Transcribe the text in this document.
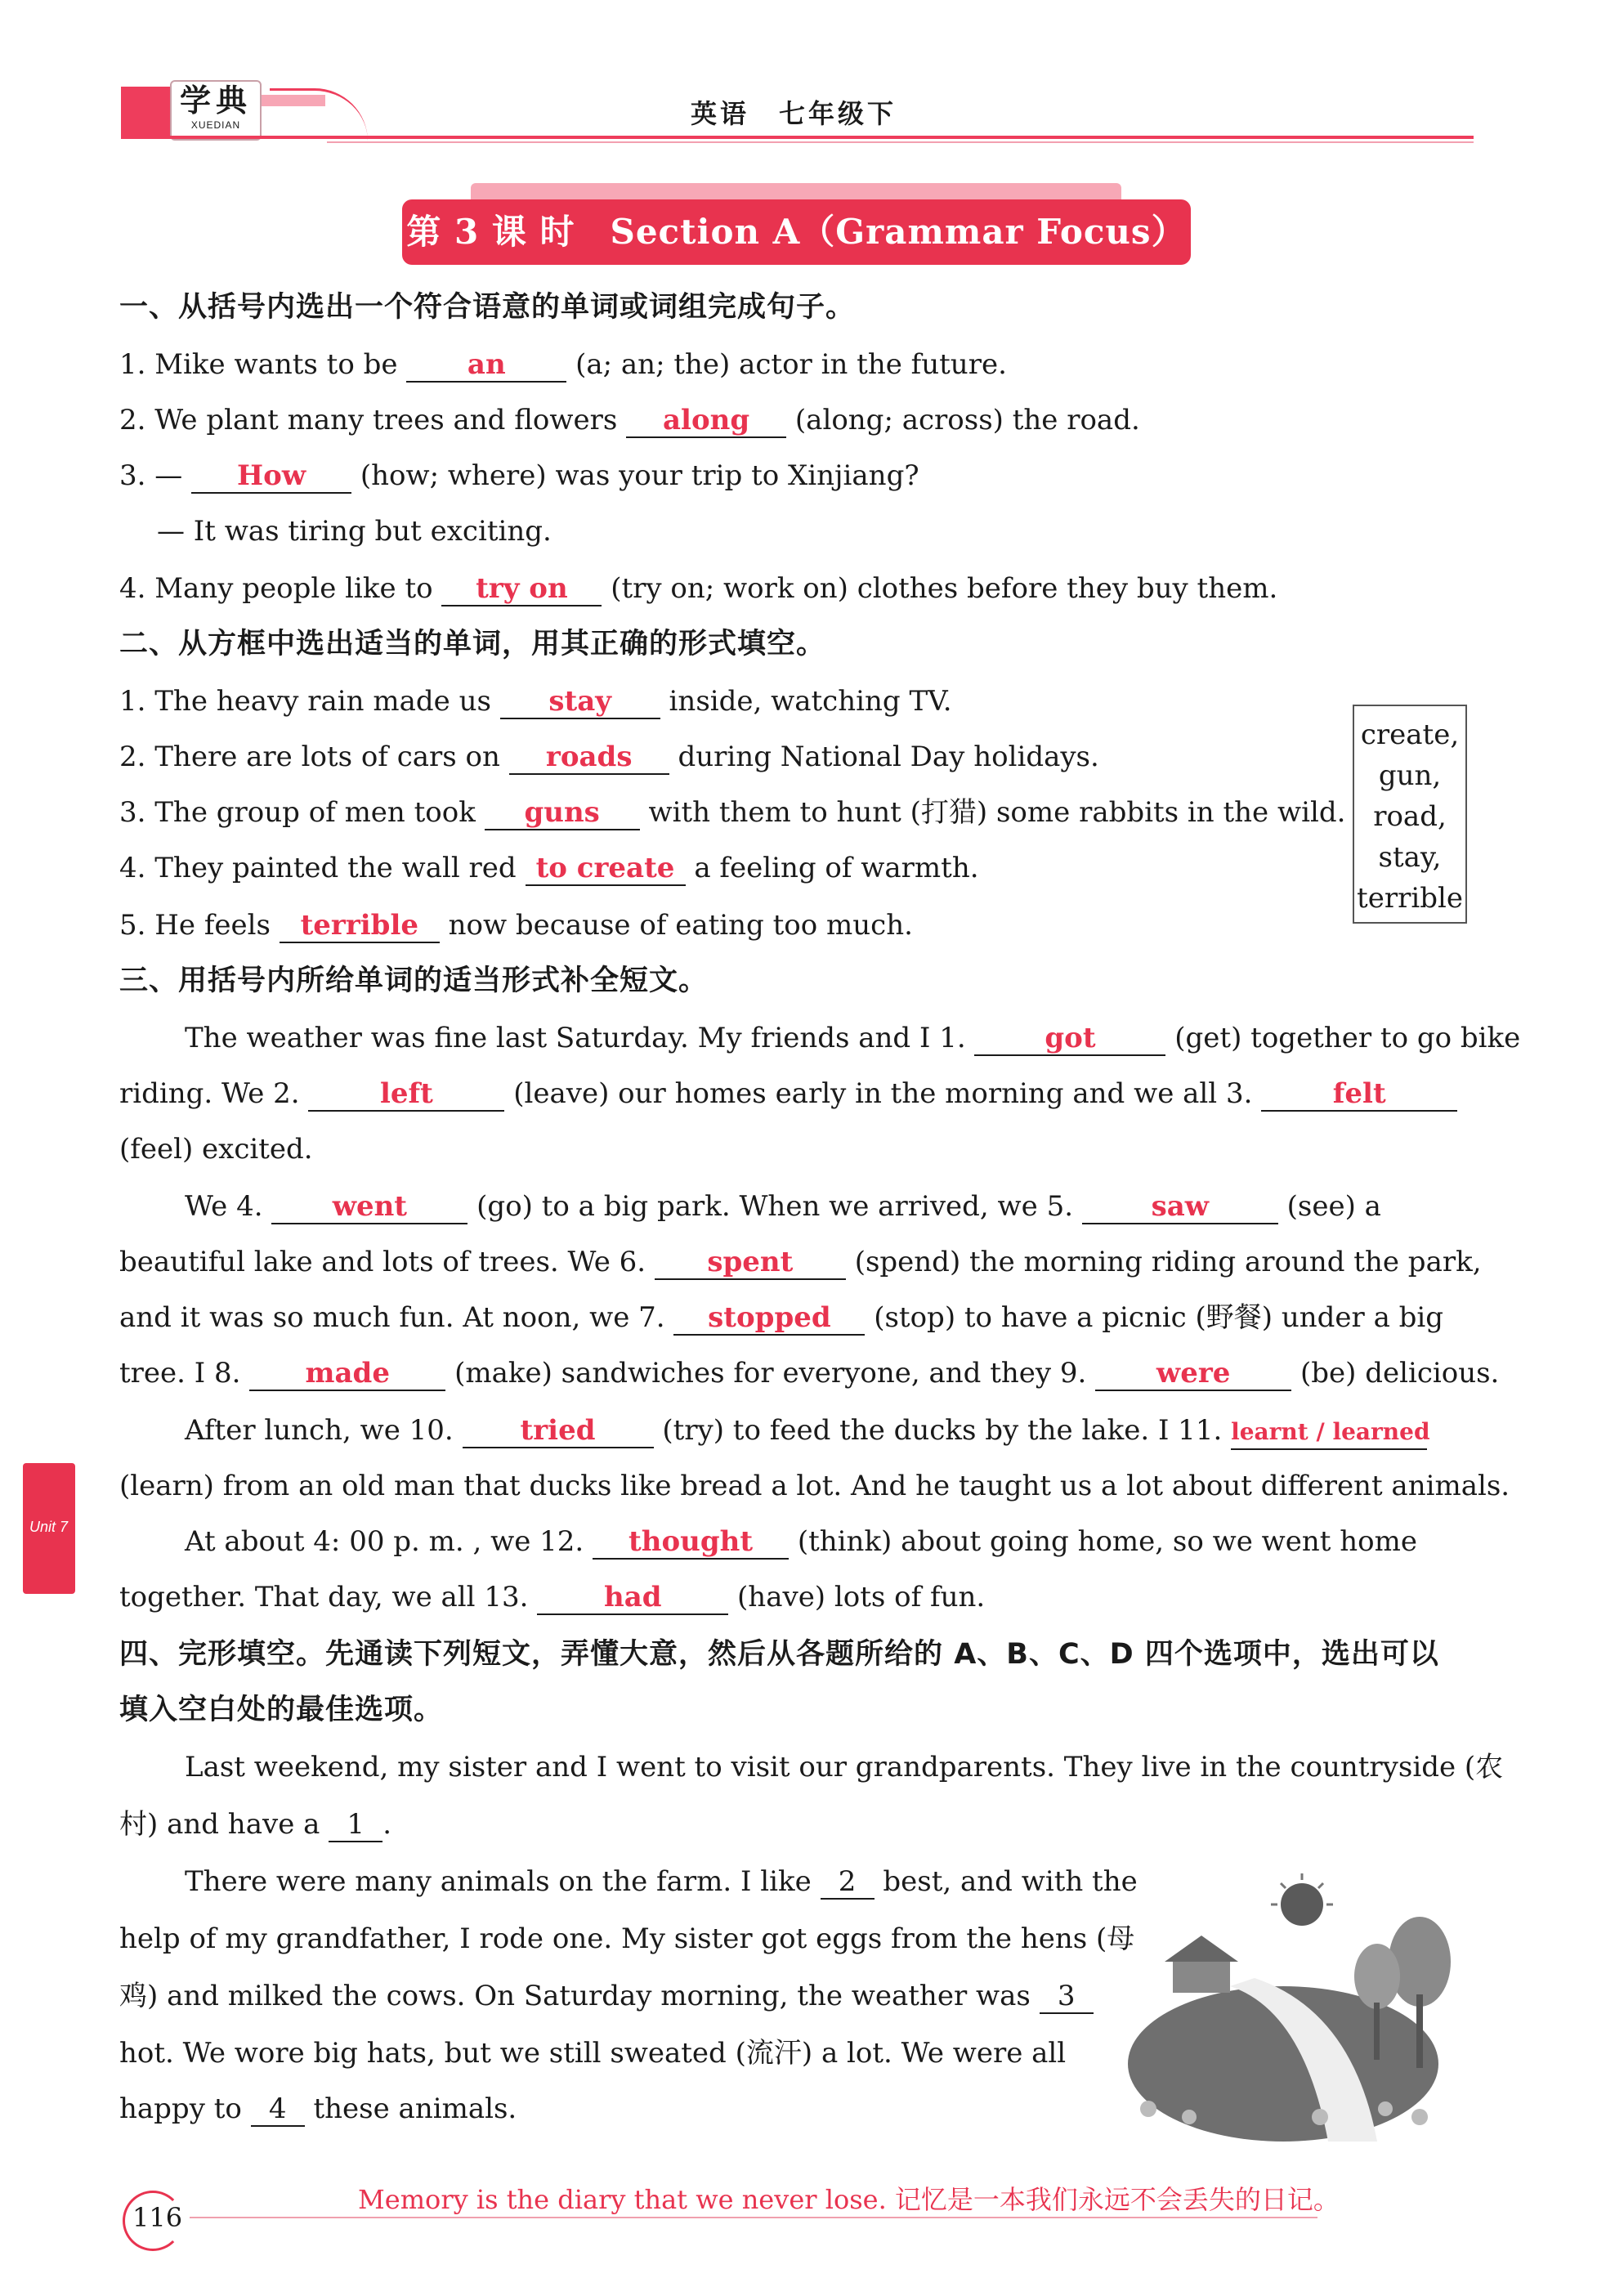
学典
XUEDIAN	英语　七年级下
第 3 课 时　Section A（Grammar Focus）
一、从括号内选出一个符合语意的单词或词组完成句子。
1. Mike wants to be	an	(a; an; the) actor in the future.
2. We plant many trees and flowers along (along; across) the road.
3. — How (how; where) was your trip to Xinjiang?
— It was tiring but exciting.
4. Many people like to try on (try on; work on) clothes before they buy them.
二、从方框中选出适当的单词，用其正确的形式填空。
1. The heavy rain made us stay inside, watching TV.
2. There are lots of cars on roads during National Day holidays.
3. The group of men took guns with them to hunt (打猎) some rabbits in the wild.
4. They painted the wall red to create a feeling of warmth.
5. He feels terrible now because of eating too much.
create,
gun,
road,
stay,
terrible
三、用括号内所给单词的适当形式补全短文。
The weather was fine last Saturday. My friends and I 1.	got	(get) together to go bike
riding. We 2.	left	(leave) our homes early in the morning and we all 3.	felt
(feel) excited.
We 4.	went	(go) to a big park. When we arrived, we 5.	saw	(see) a
beautiful lake and lots of trees. We 6. spent (spend) the morning riding around the park,
and it was so much fun. At noon, we 7. stopped (stop) to have a picnic (野餐) under a big
tree. I 8. made (make) sandwiches for everyone, and they 9.	were	(be) delicious.
After lunch, we 10. tried (try) to feed the ducks by the lake. I 11. learnt / learned
(learn) from an old man that ducks like bread a lot. And he taught us a lot about different animals.
At about 4: 00 p. m. , we 12. thought (think) about going home, so we went home
together. That day, we all 13.	had	(have) lots of fun.
四、完形填空。先通读下列短文，弄懂大意，然后从各题所给的 A、B、C、D 四个选项中，选出可以
填入空白处的最佳选项。
Last weekend, my sister and I went to visit our grandparents. They live in the countryside (农
村) and have a 1 .
There were many animals on the farm. I like 2 best, and with the
help of my grandfather, I rode one. My sister got eggs from the hens (母
鸡) and milked the cows. On Saturday morning, the weather was 3
hot. We wore big hats, but we still sweated (流汗) a lot. We were all
happy to 4 these animals.
Unit 7
116
Memory is the diary that we never lose. 记忆是一本我们永远不会丢失的日记。
